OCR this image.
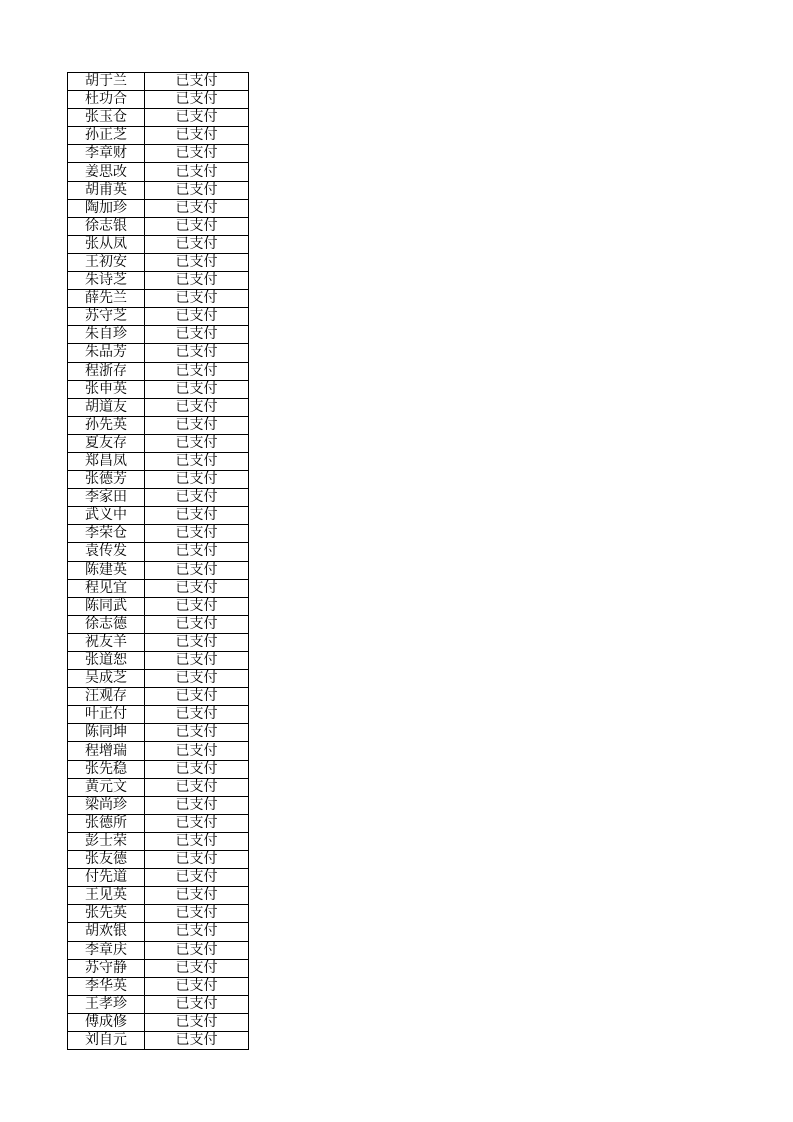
胡于兰	已支付
杜功合	已支付
张玉仓	已支付
孙正芝	已支付
李章财	已支付
姜思改	已支付
胡甫英	已支付
陶加珍	已支付
徐志银	已支付
张从凤	已支付
王初安	已支付
朱诗芝	已支付
薛先兰	已支付
苏守芝	已支付
朱自珍	已支付
朱品芳	已支付
程浙存	已支付
张申英	已支付
胡道友	已支付
孙先英	已支付
夏友存	已支付
郑昌凤	已支付
张德芳	已支付
李家田	已支付
武义中	已支付
李荣仓	已支付
袁传发	已支付
陈建英	已支付
程见宜	已支付
陈同武	已支付
徐志德	已支付
祝友羊	已支付
张道恕	已支付
吴成芝	已支付
汪观存	已支付
叶正付	已支付
陈同坤	已支付
程增瑞	已支付
张先稳	已支付
黄元文	已支付
梁尚珍	已支付
张德所	已支付
彭士荣	已支付
张友德	已支付
付先道	已支付
王见英	已支付
张先英	已支付
胡欢银	已支付
李章庆	已支付
苏守静	已支付
李华英	已支付
王孝珍	已支付
傅成修	已支付
刘自元	已支付
